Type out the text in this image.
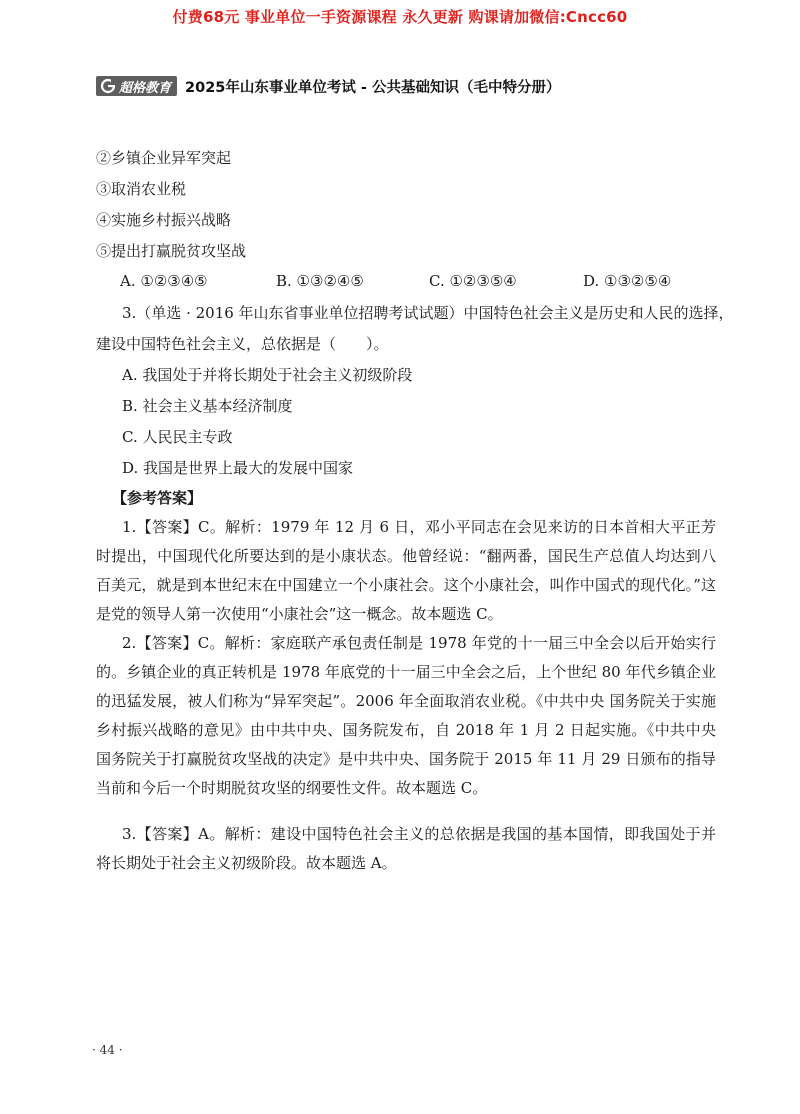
付费68元 事业单位一手资源课程 永久更新 购课请加微信:Cncc60
超格教育 2025年山东事业单位考试 - 公共基础知识（毛中特分册）
②乡镇企业异军突起
③取消农业税
④实施乡村振兴战略
⑤提出打赢脱贫攻坚战
A. ①②③④⑤	B. ①③②④⑤	C. ①②③⑤④	D. ①③②⑤④
3.（单选 · 2016 年山东省事业单位招聘考试试题）中国特色社会主义是历史和人民的选择，
建设中国特色社会主义，总依据是（　　）。
A. 我国处于并将长期处于社会主义初级阶段
B. 社会主义基本经济制度
C. 人民民主专政
D. 我国是世界上最大的发展中国家
【参考答案】
1.【答案】C。解析：1979 年 12 月 6 日，邓小平同志在会见来访的日本首相大平正芳时提出，中国现代化所要达到的是小康状态。他曾经说：“翻两番，国民生产总值人均达到八百美元，就是到本世纪末在中国建立一个小康社会。这个小康社会，叫作中国式的现代化。”这是党的领导人第一次使用“小康社会”这一概念。故本题选 C。
2.【答案】C。解析：家庭联产承包责任制是 1978 年党的十一届三中全会以后开始实行的。乡镇企业的真正转机是 1978 年底党的十一届三中全会之后，上个世纪 80 年代乡镇企业的迅猛发展，被人们称为“异军突起”。2006 年全面取消农业税。《中共中央 国务院关于实施乡村振兴战略的意见》由中共中央、国务院发布，自 2018 年 1 月 2 日起实施。《中共中央 国务院关于打赢脱贫攻坚战的决定》是中共中央、国务院于 2015 年 11 月 29 日颁布的指导当前和今后一个时期脱贫攻坚的纲要性文件。故本题选 C。
3.【答案】A。解析：建设中国特色社会主义的总依据是我国的基本国情，即我国处于并将长期处于社会主义初级阶段。故本题选 A。
· 44 ·
